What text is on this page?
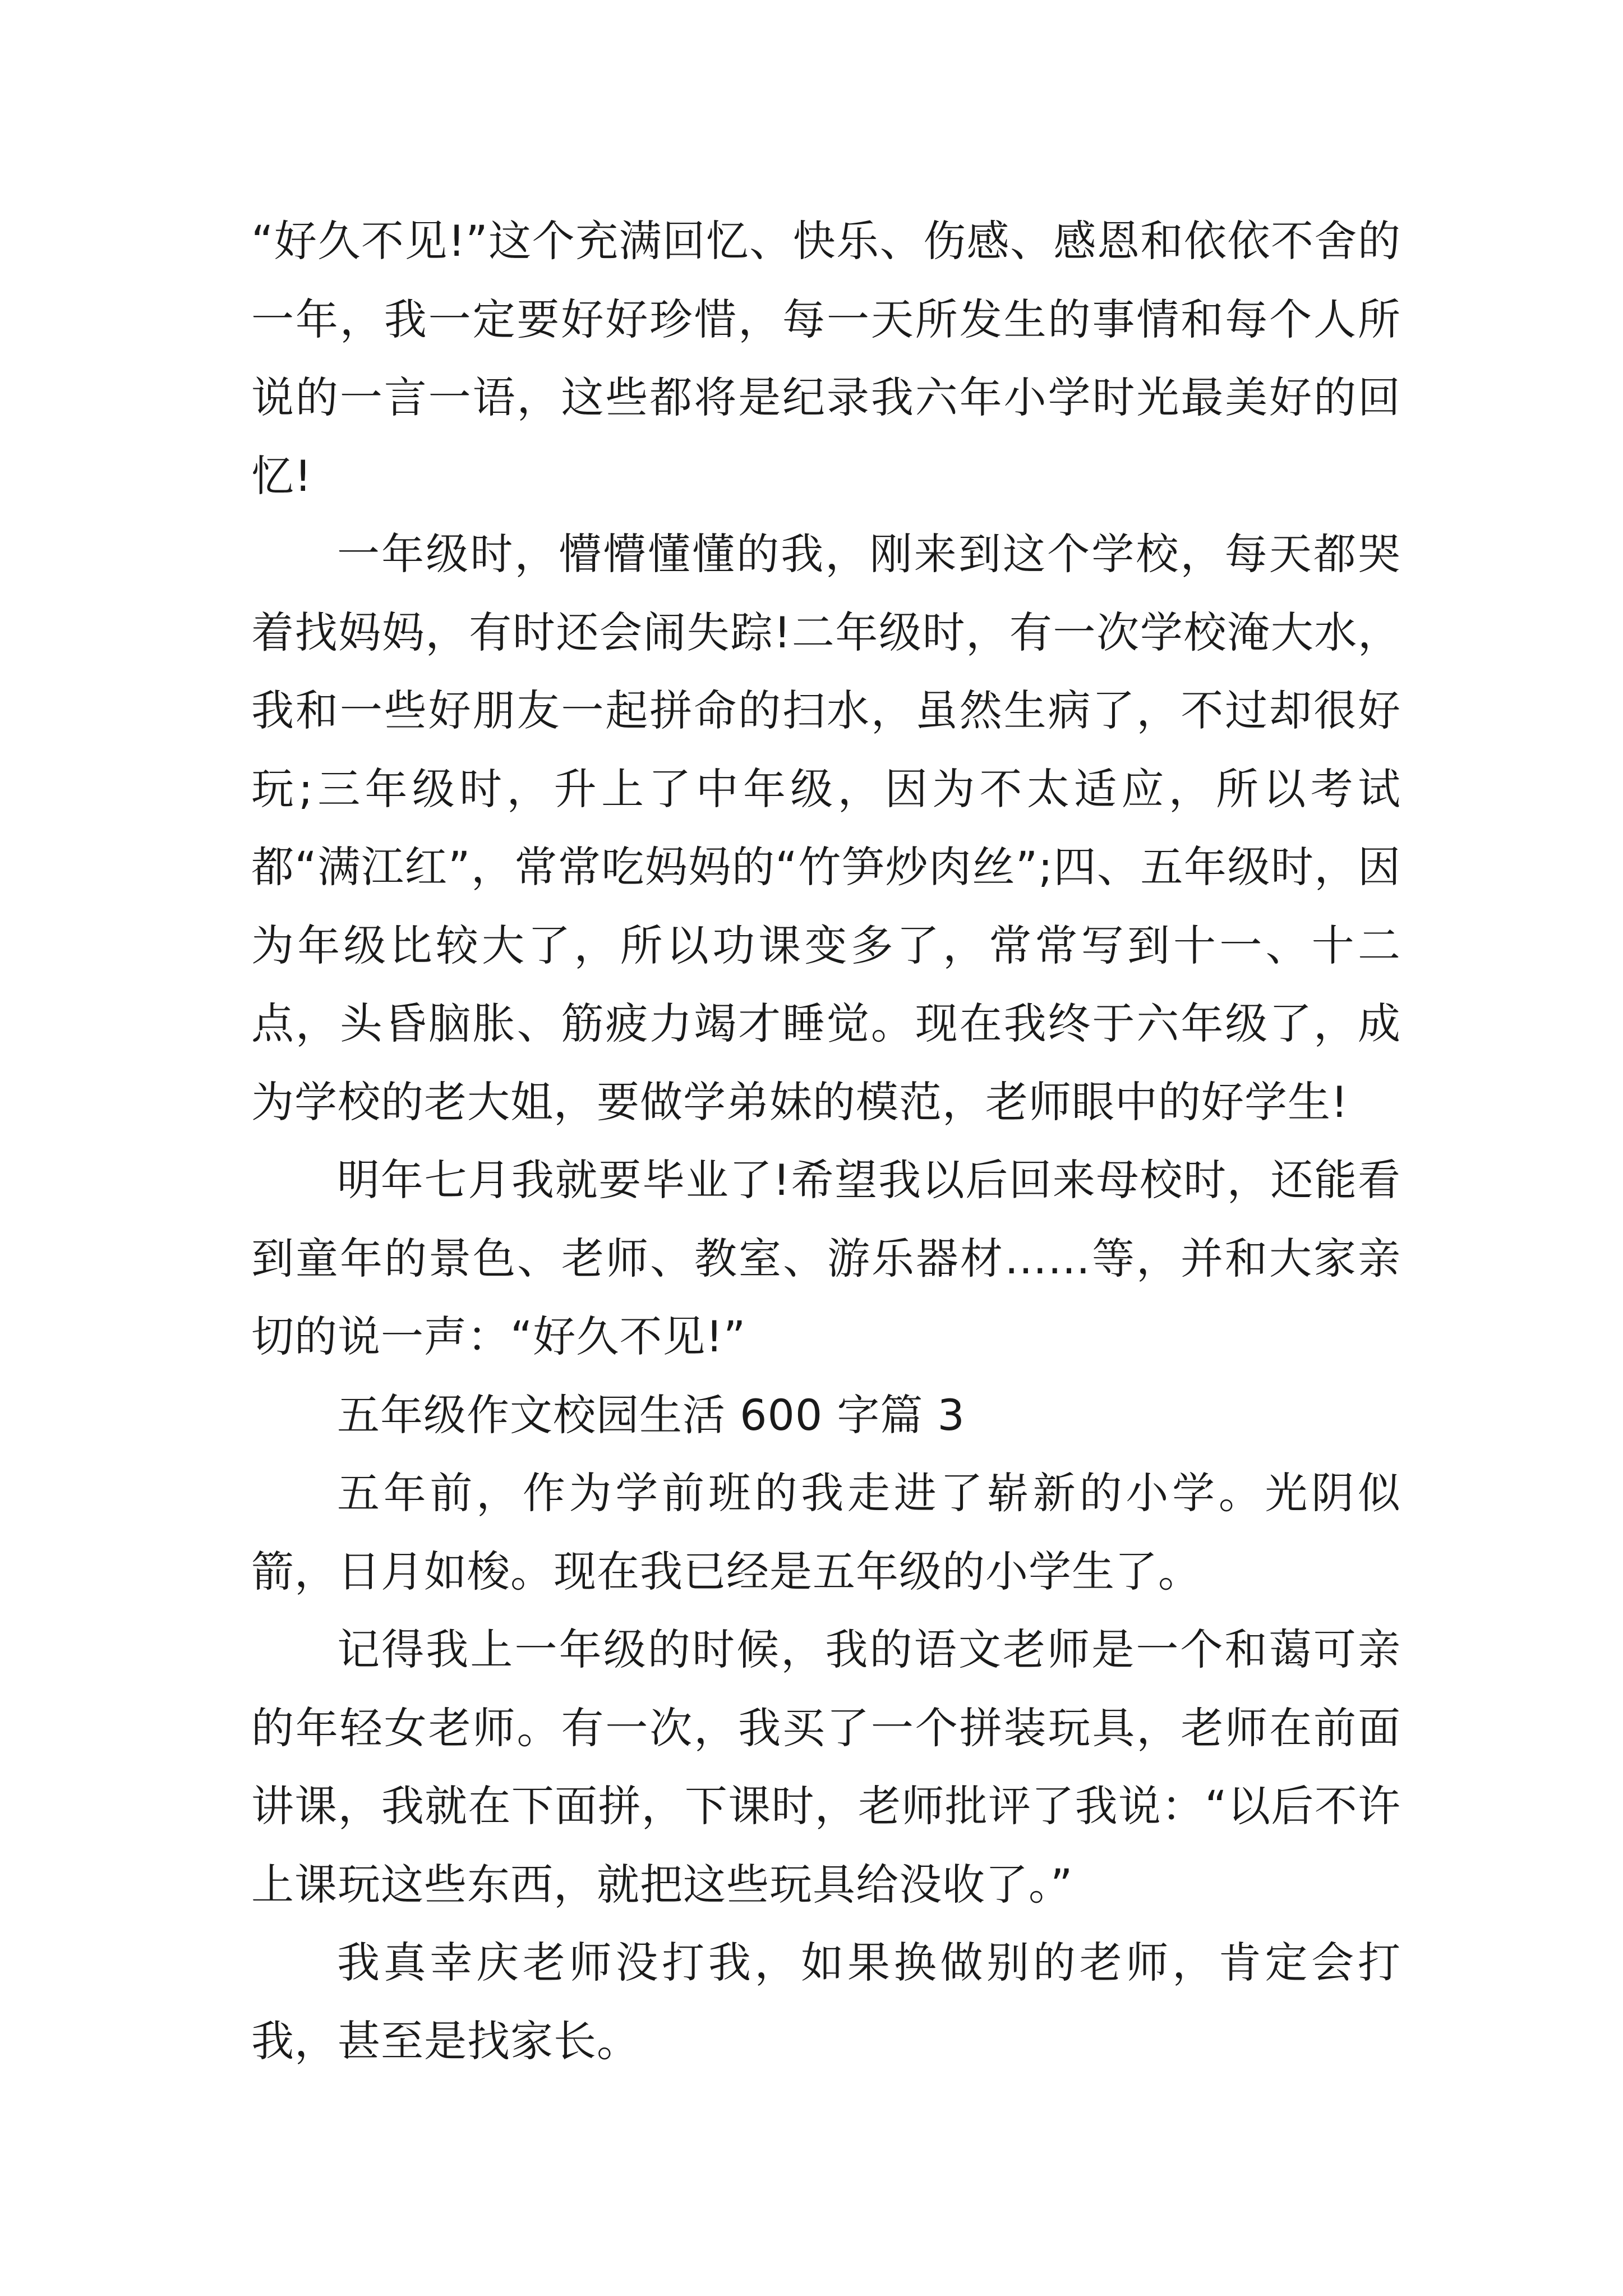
“好久不见!”这个充满回忆、快乐、伤感、感恩和依依不舍的一年，我一定要好好珍惜，每一天所发生的事情和每个人所说的一言一语，这些都将是纪录我六年小学时光最美好的回忆!

一年级时，懵懵懂懂的我，刚来到这个学校，每天都哭着找妈妈，有时还会闹失踪!二年级时，有一次学校淹大水，我和一些好朋友一起拼命的扫水，虽然生病了，不过却很好玩;三年级时，升上了中年级，因为不太适应，所以考试都“满江红”，常常吃妈妈的“竹笋炒肉丝”;四、五年级时，因为年级比较大了，所以功课变多了，常常写到十一、十二点，头昏脑胀、筋疲力竭才睡觉。现在我终于六年级了，成为学校的老大姐，要做学弟妹的模范，老师眼中的好学生!

明年七月我就要毕业了!希望我以后回来母校时，还能看到童年的景色、老师、教室、游乐器材……等，并和大家亲切的说一声：“好久不见!”

五年级作文校园生活 600 字篇 3

五年前，作为学前班的我走进了崭新的小学。光阴似箭，日月如梭。现在我已经是五年级的小学生了。

记得我上一年级的时候，我的语文老师是一个和蔼可亲的年轻女老师。有一次，我买了一个拼装玩具，老师在前面讲课，我就在下面拼，下课时，老师批评了我说：“以后不许上课玩这些东西，就把这些玩具给没收了。”

我真幸庆老师没打我，如果换做别的老师，肯定会打我，甚至是找家长。
